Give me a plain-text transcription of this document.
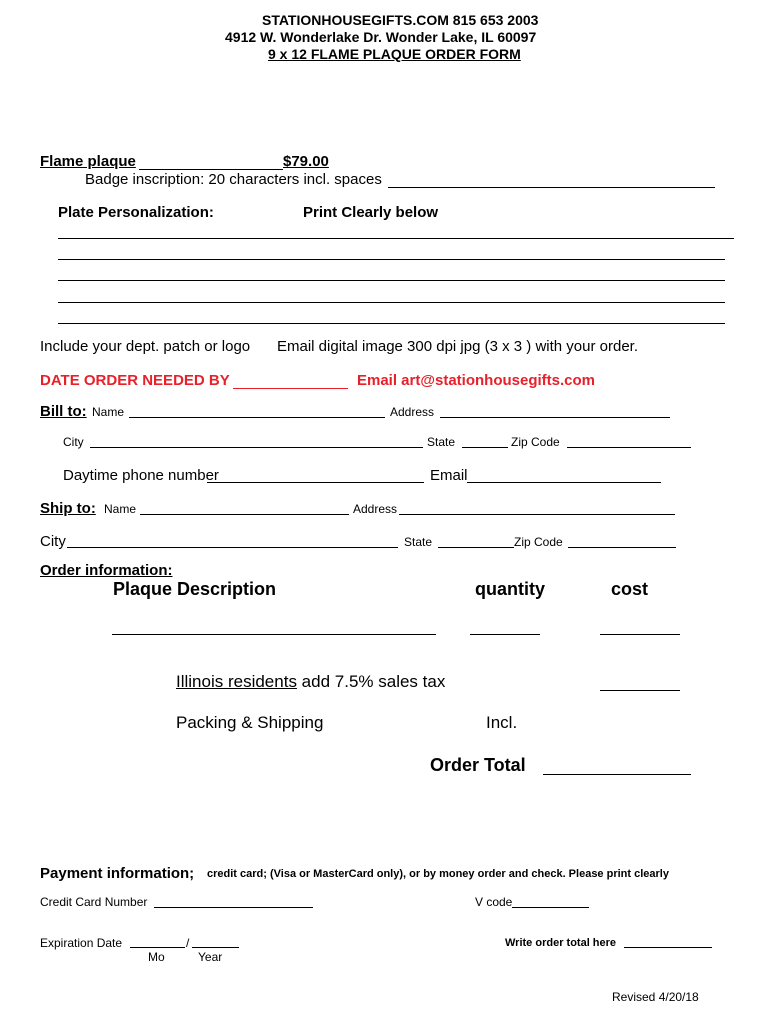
STATIONHOUSEGIFTS.COM 815 653 2003
4912 W. Wonderlake Dr. Wonder Lake, IL 60097
9 x 12 FLAME PLAQUE ORDER FORM
Flame plaque	$79.00
Badge inscription: 20 characters incl. spaces
Plate Personalization:	Print Clearly below
Include your dept. patch or logo Email digital image 300 dpi jpg (3 x 3 ) with your order.
DATE ORDER NEEDED BY	Email art@stationhousegifts.com
Bill to: Name	Address
City	State	Zip Code
Daytime phone number	Email
Ship to: Name	Address
City	State	Zip Code
Order information:
Plaque Description	quantity	cost
Illinois residents add 7.5% sales tax
Packing & Shipping	Incl.
Order Total
Payment information; credit card; (Visa or MasterCard only), or by money order and check. Please print clearly
Credit Card Number	V code
Expiration Date	/
Mo	Year
Write order total here
Revised 4/20/18
